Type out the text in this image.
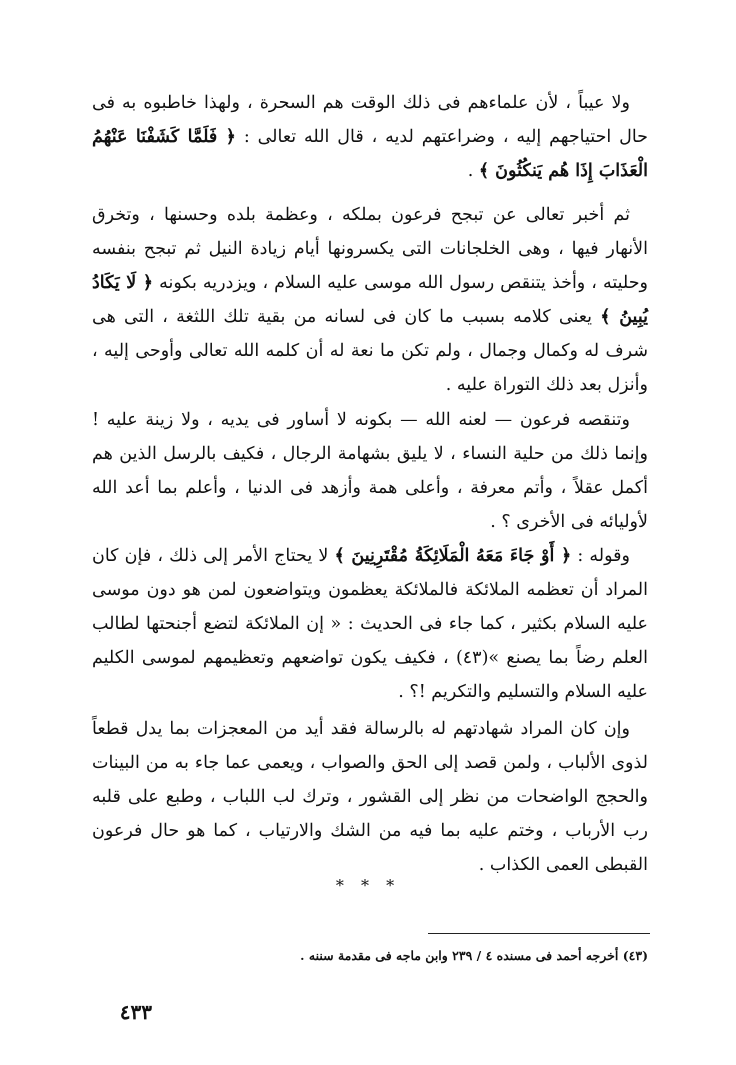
ولا عيباً ، لأن علماءهم فى ذلك الوقت هم السحرة ، ولهذا خاطبوه به فى حال احتياجهم إليه ، وضراعتهم لديه ، قال الله تعالى : ﴿ فَلَمَّا كَشَفْنَا عَنْهُمُ الْعَذَابَ إِذَا هُم يَنكُثُونَ ﴾ .

ثم أخبر تعالى عن تبجح فرعون بملكه ، وعظمة بلده وحسنها ، وتخرق الأنهار فيها ، وهى الخلجانات التى يكسرونها أيام زيادة النيل ثم تبجح بنفسه وحليته ، وأخذ يتنقص رسول الله موسى عليه السلام ، ويزدريه بكونه ﴿ لَا يَكَادُ يُبِينُ ﴾ يعنى كلامه بسبب ما كان فى لسانه من بقية تلك اللثغة ، التى هى شرف له وكمال وجمال ، ولم تكن ما نعة له أن كلمه الله تعالى وأوحى إليه ، وأنزل بعد ذلك التوراة عليه .

وتنقصه فرعون — لعنه الله — بكونه لا أساور فى يديه ، ولا زينة عليه ! وإنما ذلك من حلية النساء ، لا يليق بشهامة الرجال ، فكيف بالرسل الذين هم أكمل عقلاً ، وأتم معرفة ، وأعلى همة وأزهد فى الدنيا ، وأعلم بما أعد الله لأوليائه فى الأخرى ؟ .

وقوله : ﴿ أَوْ جَاءَ مَعَهُ الْمَلَائِكَةُ مُقْتَرِنِينَ ﴾ لا يحتاج الأمر إلى ذلك ، فإن كان المراد أن تعظمه الملائكة فالملائكة يعظمون ويتواضعون لمن هو دون موسى عليه السلام بكثير ، كما جاء فى الحديث : « إن الملائكة لتضع أجنحتها لطالب العلم رضاً بما يصنع »(٤٣) ، فكيف يكون تواضعهم وتعظيمهم لموسى الكليم عليه السلام والتسليم والتكريم !؟ .

وإن كان المراد شهادتهم له بالرسالة فقد أيد من المعجزات بما يدل قطعاً لذوى الألباب ، ولمن قصد إلى الحق والصواب ، ويعمى عما جاء به من البينات والحجج الواضحات من نظر إلى القشور ، وترك لب اللباب ، وطبع على قلبه رب الأرباب ، وختم عليه بما فيه من الشك والارتياب ، كما هو حال فرعون القبطى العمى الكذاب .

* * *
(٤٣) أخرجه أحمد فى مسنده ٤ / ٢٣٩ وابن ماجه فى مقدمة سننه .
٤٣٣
